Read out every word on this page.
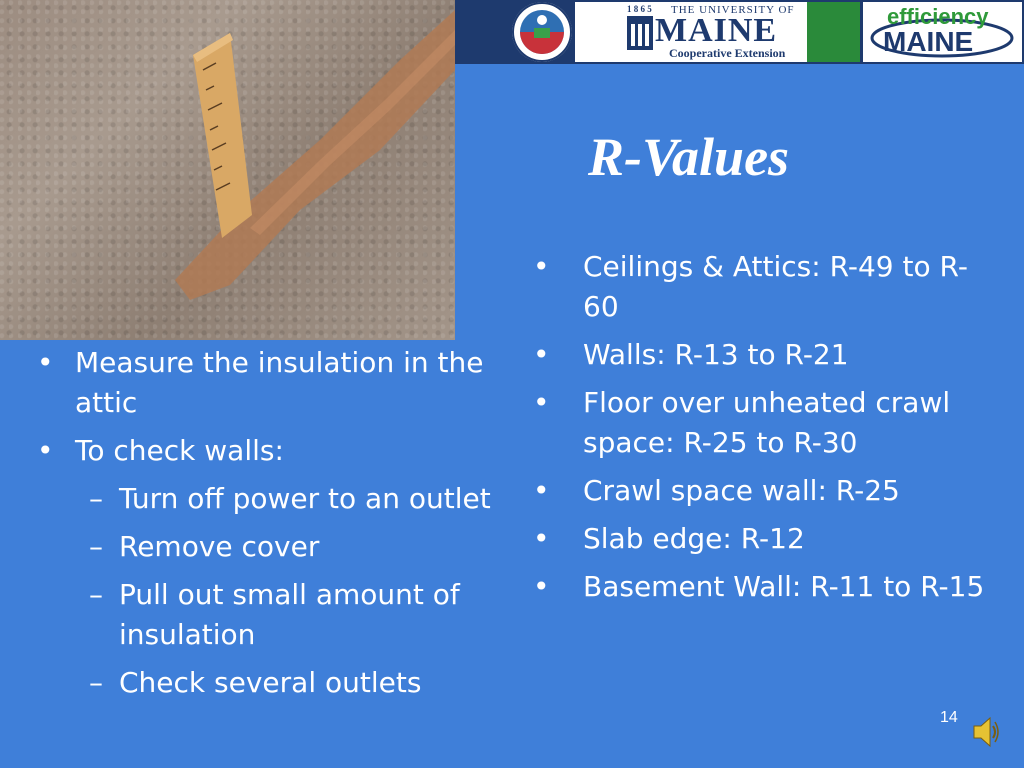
1 8 6 5 THE UNIVERSITY OF
MAINE
Cooperative Extension
efficiency
MAINE
R-Values
• Measure the insulation in the attic
• To check walls:
– Turn off power to an outlet
– Remove cover
– Pull out small amount of insulation
– Check several outlets
• Ceilings & Attics: R-49 to R-60
• Walls: R-13 to R-21
• Floor over unheated crawl space: R-25 to R-30
• Crawl space wall: R-25
• Slab edge: R-12
• Basement Wall: R-11 to R-15
14
